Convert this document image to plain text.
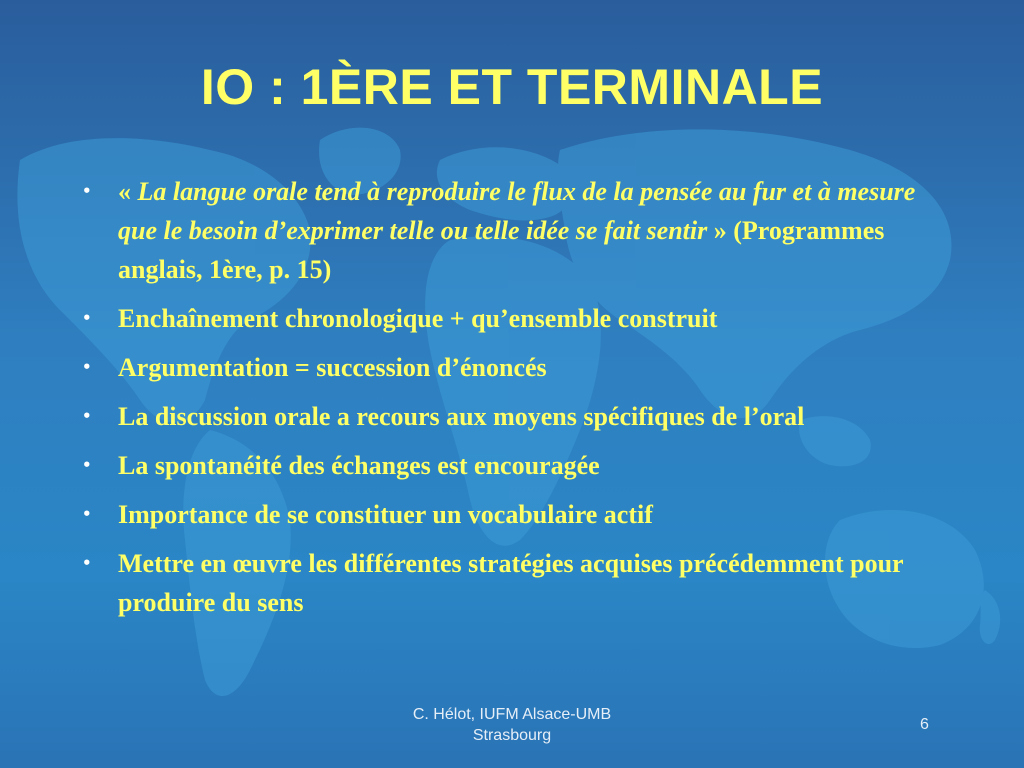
IO : 1ÈRE ET TERMINALE
• « La langue orale tend à reproduire le flux de la pensée au fur et à mesure que le besoin d’exprimer telle ou telle idée se fait sentir » (Programmes anglais, 1ère, p. 15)
• Enchaînement chronologique + qu’ensemble construit
• Argumentation = succession d’énoncés
• La discussion orale a recours aux moyens spécifiques de l’oral
• La spontanéité des échanges est encouragée
• Importance de se constituer un vocabulaire actif
• Mettre en œuvre les différentes stratégies acquises précédemment pour produire du sens
C. Hélot, IUFM Alsace-UMB
Strasbourg
6
